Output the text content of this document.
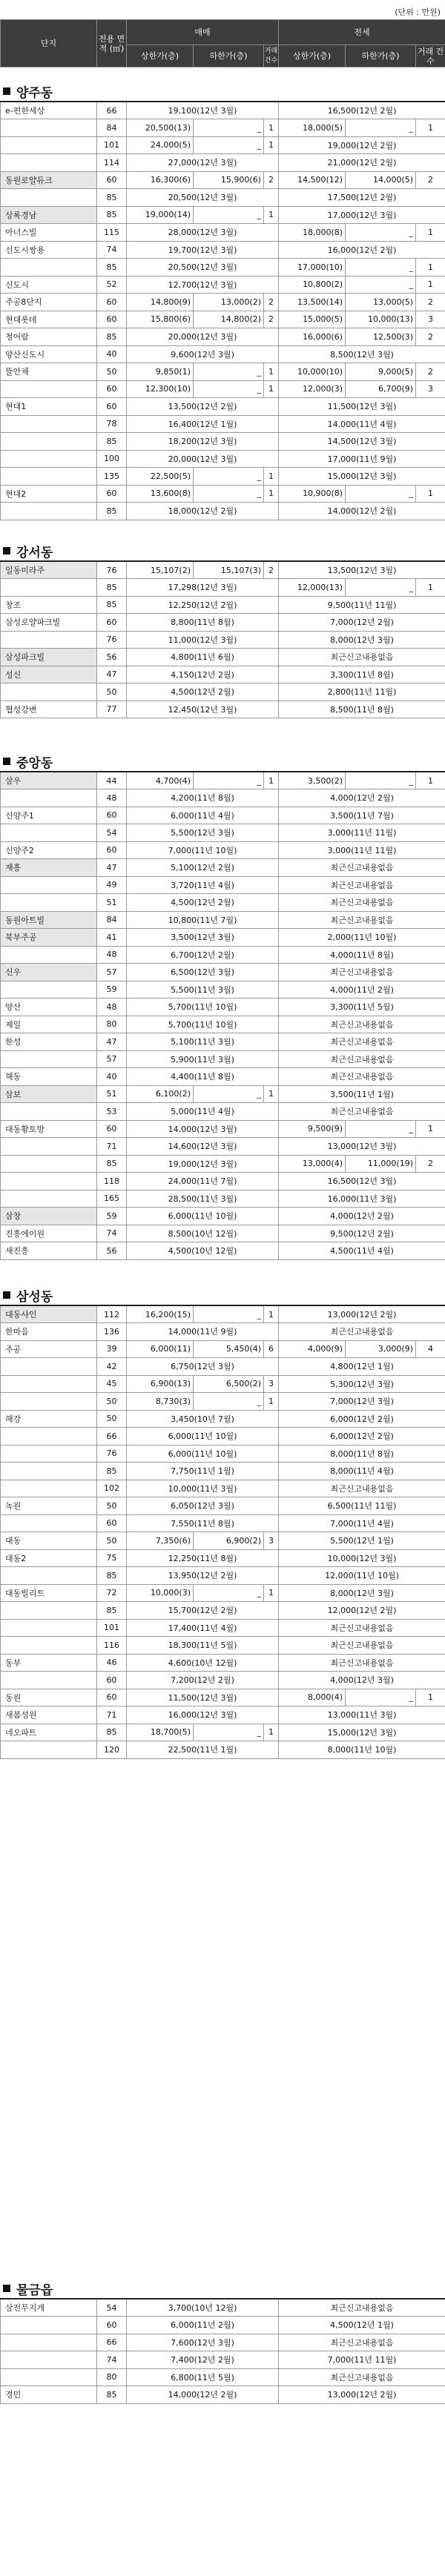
(단위 : 만원)
단지	전용 면적 (㎡)	매매			전세		
		상한가(층)	하한가(층)	거래 건수	상한가(층)	하한가(층)	거래 건수
양주동
e-편한세상	66	19,100(12년 3월)			16,500(12년 2월)		
	84	20,500(13)	_	1	18,000(5)	_	1
	101	24,000(5)	_	1	19,000(12년 2월)		
	114	27,000(12년 3월)			21,000(12년 2월)		
동원로얄듀크	60	16,300(6)	15,900(6)	2	14,500(12)	14,000(5)	2
	85	20,500(12년 3월)			17,500(12년 2월)		
상록경남	85	19,000(14)	_	1	17,000(12년 3월)		
아너스빌	115	28,000(12년 3월)			18,000(8)	_	1
신도시쌍용	74	19,700(12년 3월)			16,000(12년 2월)		
	85	20,500(12년 3월)			17,000(10)	_	1
신도시	52	12,700(12년 3월)			10,800(2)	_	1
주공8단지	60	14,800(9)	13,000(2)	2	13,500(14)	13,000(5)	2
현대롯데	60	15,800(6)	14,800(2)	2	15,000(5)	10,000(13)	3
청어람	85	20,000(12년 3월)			16,000(6)	12,500(3)	2
양산신도시	40	9,600(12년 3월)			8,500(12년 3월)		
뜰안채	50	9,850(1)	_	1	10,000(10)	9,000(5)	2
	60	12,300(10)	_	1	12,000(3)	6,700(9)	3
현대1	60	13,500(12년 2월)			11,500(12년 3월)		
	78	16,400(12년 1월)			14,000(11년 4월)		
	85	18,200(12년 3월)			14,500(12년 3월)		
	100	20,000(12년 3월)			17,000(11년 9월)		
	135	22,500(5)	_	1	15,000(12년 3월)		
현대2	60	13,600(8)	_	1	10,900(8)	_	1
	85	18,000(12년 2월)			14,000(12년 2월)		
강서동
일동미라주	76	15,107(2)	15,107(3)	2	13,500(12년 3월)		
	85	17,298(12년 3월)			12,000(13)	_	1
창조	85	12,250(12년 2월)			9,500(11년 11월)		
삼성로얄파크빌	60	8,800(11년 8월)			7,000(12년 2월)		
	76	11,000(12년 3월)			8,000(12년 3월)		
삼성파크빌	56	4,800(11년 6월)			최근신고내용없음		
성신	47	4,150(12년 2월)			3,300(11년 8월)		
	50	4,500(12년 2월)			2,800(11년 11월)		
협성강변	77	12,450(12년 3월)			8,500(11년 8월)		
중앙동
삼우	44	4,700(4)	_	1	3,500(2)	_	1
	48	4,200(11년 8월)			4,000(12년 2월)		
신양주1	60	6,000(11년 4월)			3,500(11년 7월)		
	54	5,500(12년 3월)			3,000(11년 11월)		
신양주2	60	7,000(11년 10월)			3,000(11년 11월)		
재흥	47	5,100(12년 2월)			최근신고내용없음		
	49	3,720(11년 4월)			최근신고내용없음		
	51	4,500(12년 2월)			최근신고내용없음		
동원아트빌	84	10,800(11년 7월)			최근신고내용없음		
북부주공	41	3,500(12년 3월)			2,000(11년 10월)		
	48	6,700(12년 2월)			4,000(11년 8월)		
신우	57	6,500(12년 3월)			최근신고내용없음		
	59	5,500(11년 3월)			4,000(11년 2월)		
양산	48	5,700(11년 10월)			3,300(11년 5월)		
제일	80	5,700(11년 10월)			최근신고내용없음		
한성	47	5,100(11년 3월)			최근신고내용없음		
	57	5,900(11년 3월)			최근신고내용없음		
해동	40	4,400(11년 8월)			최근신고내용없음		
삼보	51	6,100(2)	_	1	3,500(11년 1월)		
	53	5,000(11년 4월)			최근신고내용없음		
대동황토방	60	14,000(12년 3월)			9,500(9)	_	1
	71	14,600(12년 3월)			13,000(12년 3월)		
	85	19,000(12년 3월)			13,000(4)	11,000(19)	2
	118	24,000(11년 7월)			16,500(12년 3월)		
	165	28,500(11년 3월)			16,000(11년 3월)		
삼창	59	6,000(11년 10월)			4,000(12년 2월)		
진흥에이원	74	8,500(10년 12월)			9,500(12년 2월)		
새진흥	56	4,500(10년 12월)			4,500(11년 4월)		
삼성동
대동샤인	112	16,200(15)	_	1	13,000(12년 2월)		
한마음	136	14,000(11년 9월)			최근신고내용없음		
주공	39	6,000(11)	5,450(4)	6	4,000(9)	3,000(9)	4
	42	6,750(12년 3월)			4,800(12년 1월)		
	45	6,900(13)	6,500(2)	3	5,300(12년 3월)		
	50	8,730(3)	_	1	7,000(12년 3월)		
해강	50	3,450(10년 7월)			6,000(12년 2월)		
	66	6,000(11년 10월)			6,000(12년 2월)		
	76	6,000(11년 10월)			8,000(11년 8월)		
	85	7,750(11년 1월)			8,000(11년 4월)		
	102	10,000(11년 3월)			최근신고내용없음		
녹원	50	6,050(12년 3월)			6,500(11년 11월)		
	60	7,550(11년 8월)			7,000(11년 4월)		
대동	50	7,350(6)	6,900(2)	3	5,500(12년 1월)		
대동2	75	12,250(11년 8월)			10,000(12년 3월)		
	85	13,950(12년 2월)			12,000(11년 10월)		
대동빌리트	72	10,000(3)	_	1	8,000(12년 3월)		
	85	15,700(12년 2월)			12,000(12년 2월)		
	101	17,400(11년 4월)			최근신고내용없음		
	116	18,300(11년 5월)			최근신고내용없음		
동부	46	4,600(10년 12월)			최근신고내용없음		
	60	7,200(12년 2월)			4,000(12년 3월)		
동원	60	11,500(12년 3월)			8,000(4)	_	1
새봄성원	71	16,000(12년 3월)			13,000(11년 3월)		
네오파트	85	18,700(5)	_	1	15,000(12년 3월)		
	120	22,500(11년 1월)			8,000(11년 10월)		
물금읍
삼전무지개	54	3,700(10년 12월)	최근신고내용없음
	60	6,000(11년 2월)	4,500(12년 1월)
	66	7,600(12년 3월)	최근신고내용없음
	74	7,400(12년 2월)	7,000(11년 11월)
	80	6,800(11년 5월)	최근신고내용없음
경민	85	14,000(12년 2월)	13,000(12년 2월)
